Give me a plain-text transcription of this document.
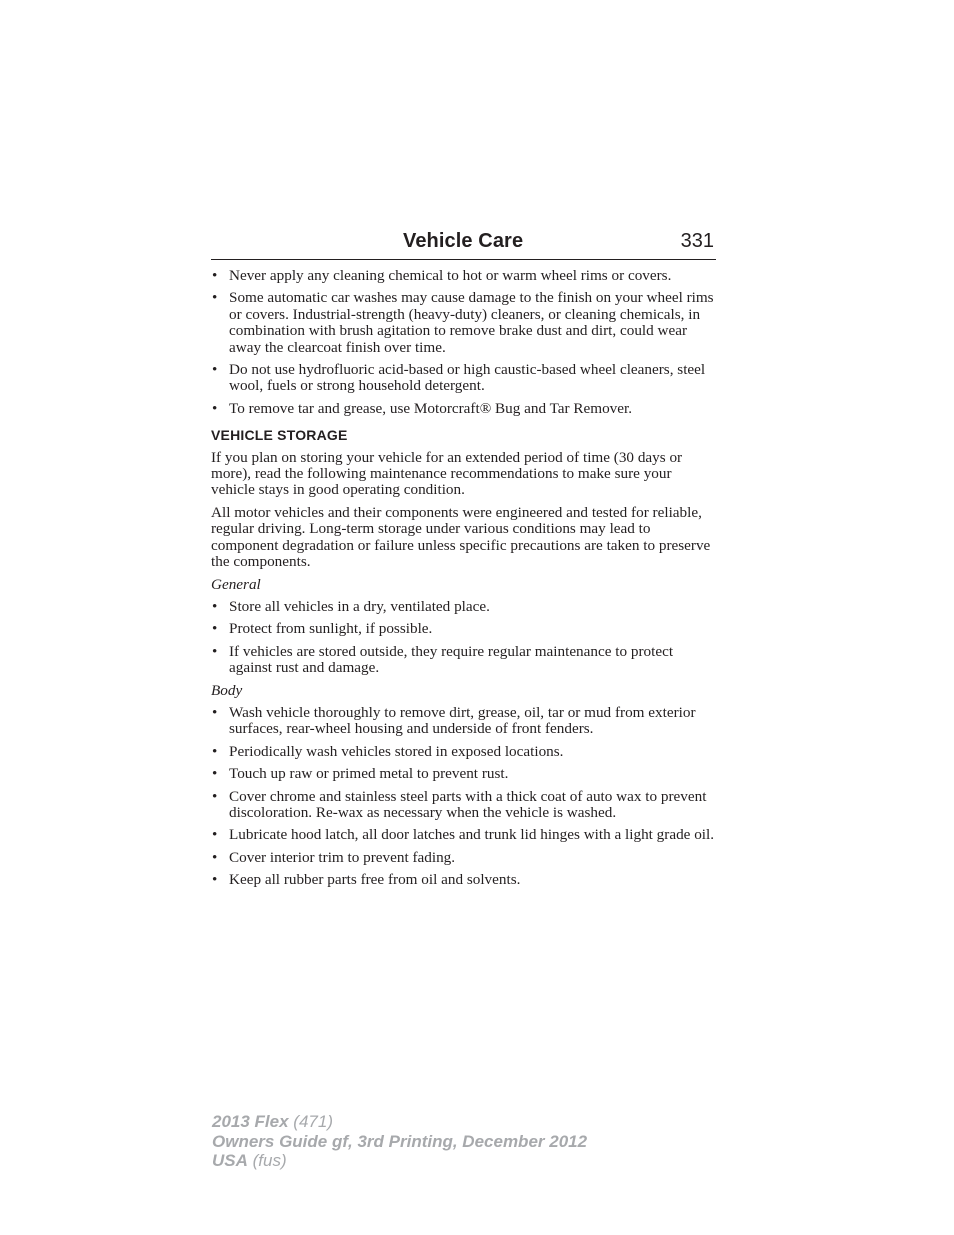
Vehicle Care	331
• Never apply any cleaning chemical to hot or warm wheel rims or covers.
• Some automatic car washes may cause damage to the finish on your wheel rims or covers. Industrial-strength (heavy-duty) cleaners, or cleaning chemicals, in combination with brush agitation to remove brake dust and dirt, could wear away the clearcoat finish over time.
• Do not use hydrofluoric acid-based or high caustic-based wheel cleaners, steel wool, fuels or strong household detergent.
• To remove tar and grease, use Motorcraft® Bug and Tar Remover.
VEHICLE STORAGE

If you plan on storing your vehicle for an extended period of time (30 days or more), read the following maintenance recommendations to make sure your vehicle stays in good operating condition.

All motor vehicles and their components were engineered and tested for reliable, regular driving. Long-term storage under various conditions may lead to component degradation or failure unless specific precautions are taken to preserve the components.

General
• Store all vehicles in a dry, ventilated place.
• Protect from sunlight, if possible.
• If vehicles are stored outside, they require regular maintenance to protect against rust and damage.
Body
• Wash vehicle thoroughly to remove dirt, grease, oil, tar or mud from exterior surfaces, rear-wheel housing and underside of front fenders.
• Periodically wash vehicles stored in exposed locations.
• Touch up raw or primed metal to prevent rust.
• Cover chrome and stainless steel parts with a thick coat of auto wax to prevent discoloration. Re-wax as necessary when the vehicle is washed.
• Lubricate hood latch, all door latches and trunk lid hinges with a light grade oil.
• Cover interior trim to prevent fading.
• Keep all rubber parts free from oil and solvents.
2013 Flex (471)
Owners Guide gf, 3rd Printing, December 2012
USA (fus)
